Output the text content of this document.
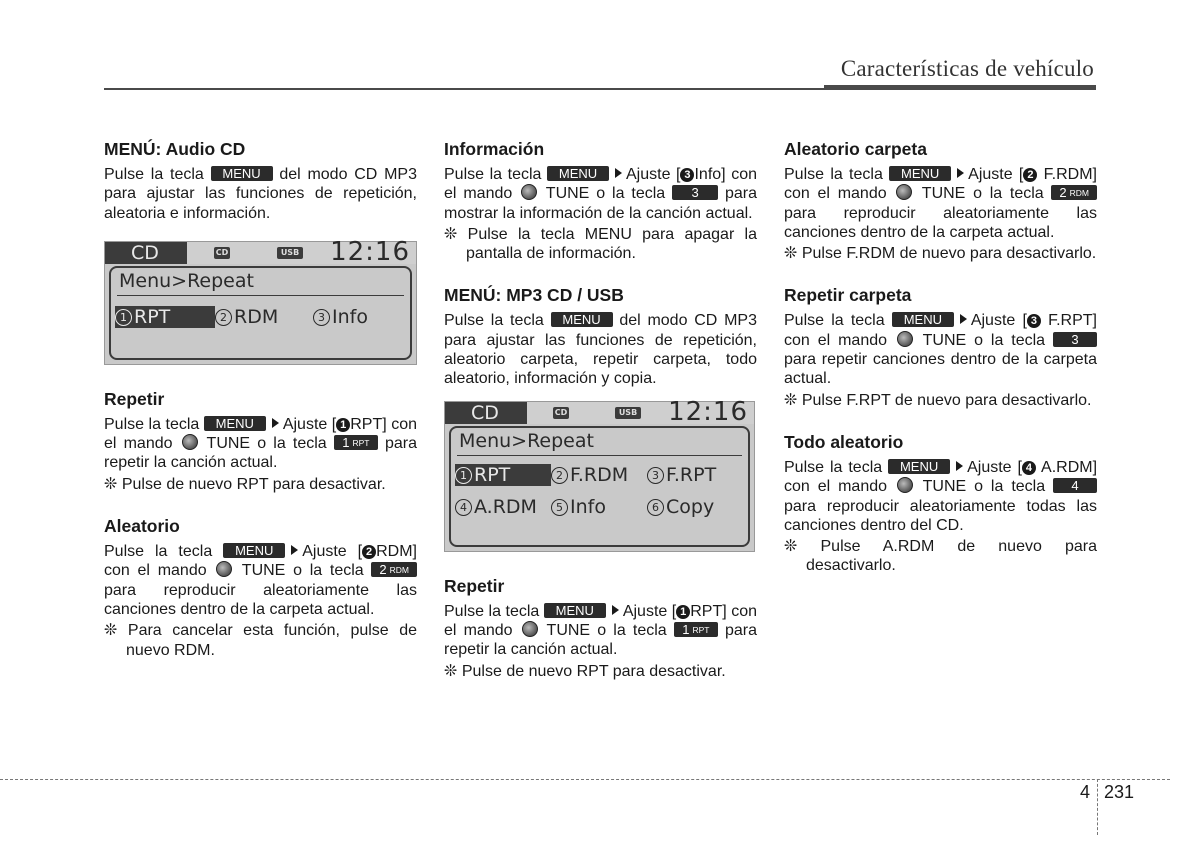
Características de vehículo
MENÚ: Audio CD

Pulse la tecla MENU del modo CD MP3 para ajustar las funciones de repetición, aleatoria e información.

CD	CD	USB 12:16
Menu>Repeat
1 RPT	2 RDM	3 Info
Repetir

Pulse la tecla MENU Ajuste [ 1 RPT] con el mando TUNE o la tecla 1 RPT para repetir la canción actual.

❊ Pulse de nuevo RPT para desactivar.

Aleatorio

Pulse la tecla MENU Ajuste [ 2 RDM] con el mando TUNE o la tecla 2 RDM para reproducir aleatoriamente las canciones dentro de la carpeta actual.

❊ Para cancelar esta función, pulse de nuevo RDM.

Información

Pulse la tecla MENU Ajuste [ 3 Info] con el mando TUNE o la tecla 3 para mostrar la información de la canción actual.

❊ Pulse la tecla MENU para apagar la pantalla de información.

MENÚ: MP3 CD / USB

Pulse la tecla MENU del modo CD MP3 para ajustar las funciones de repetición, aleatorio carpeta, repetir carpeta, todo aleatorio, información y copia.

CD	CD	USB 12:16
Menu>Repeat
1 RPT	2 F.RDM	3 F.RPT
4 A.RDM	5 Info	6 Copy
Repetir

Pulse la tecla MENU Ajuste [ 1 RPT] con el mando TUNE o la tecla 1 RPT para repetir la canción actual.

❊ Pulse de nuevo RPT para desactivar.

Aleatorio carpeta

Pulse la tecla MENU Ajuste [ 2 F.RDM] con el mando TUNE o la tecla 2 RDM para reproducir aleatoriamente las canciones dentro de la carpeta actual.

❊ Pulse F.RDM de nuevo para desactivarlo.

Repetir carpeta

Pulse la tecla MENU Ajuste [ 3 F.RPT] con el mando TUNE o la tecla 3 para repetir canciones dentro de la carpeta actual.

❊ Pulse F.RPT de nuevo para desactivarlo.

Todo aleatorio

Pulse la tecla MENU Ajuste [ 4 A.RDM] con el mando TUNE o la tecla 4 para reproducir aleatoriamente todas las canciones dentro del CD.

❊ Pulse A.RDM de nuevo para desactivarlo.

4 231
